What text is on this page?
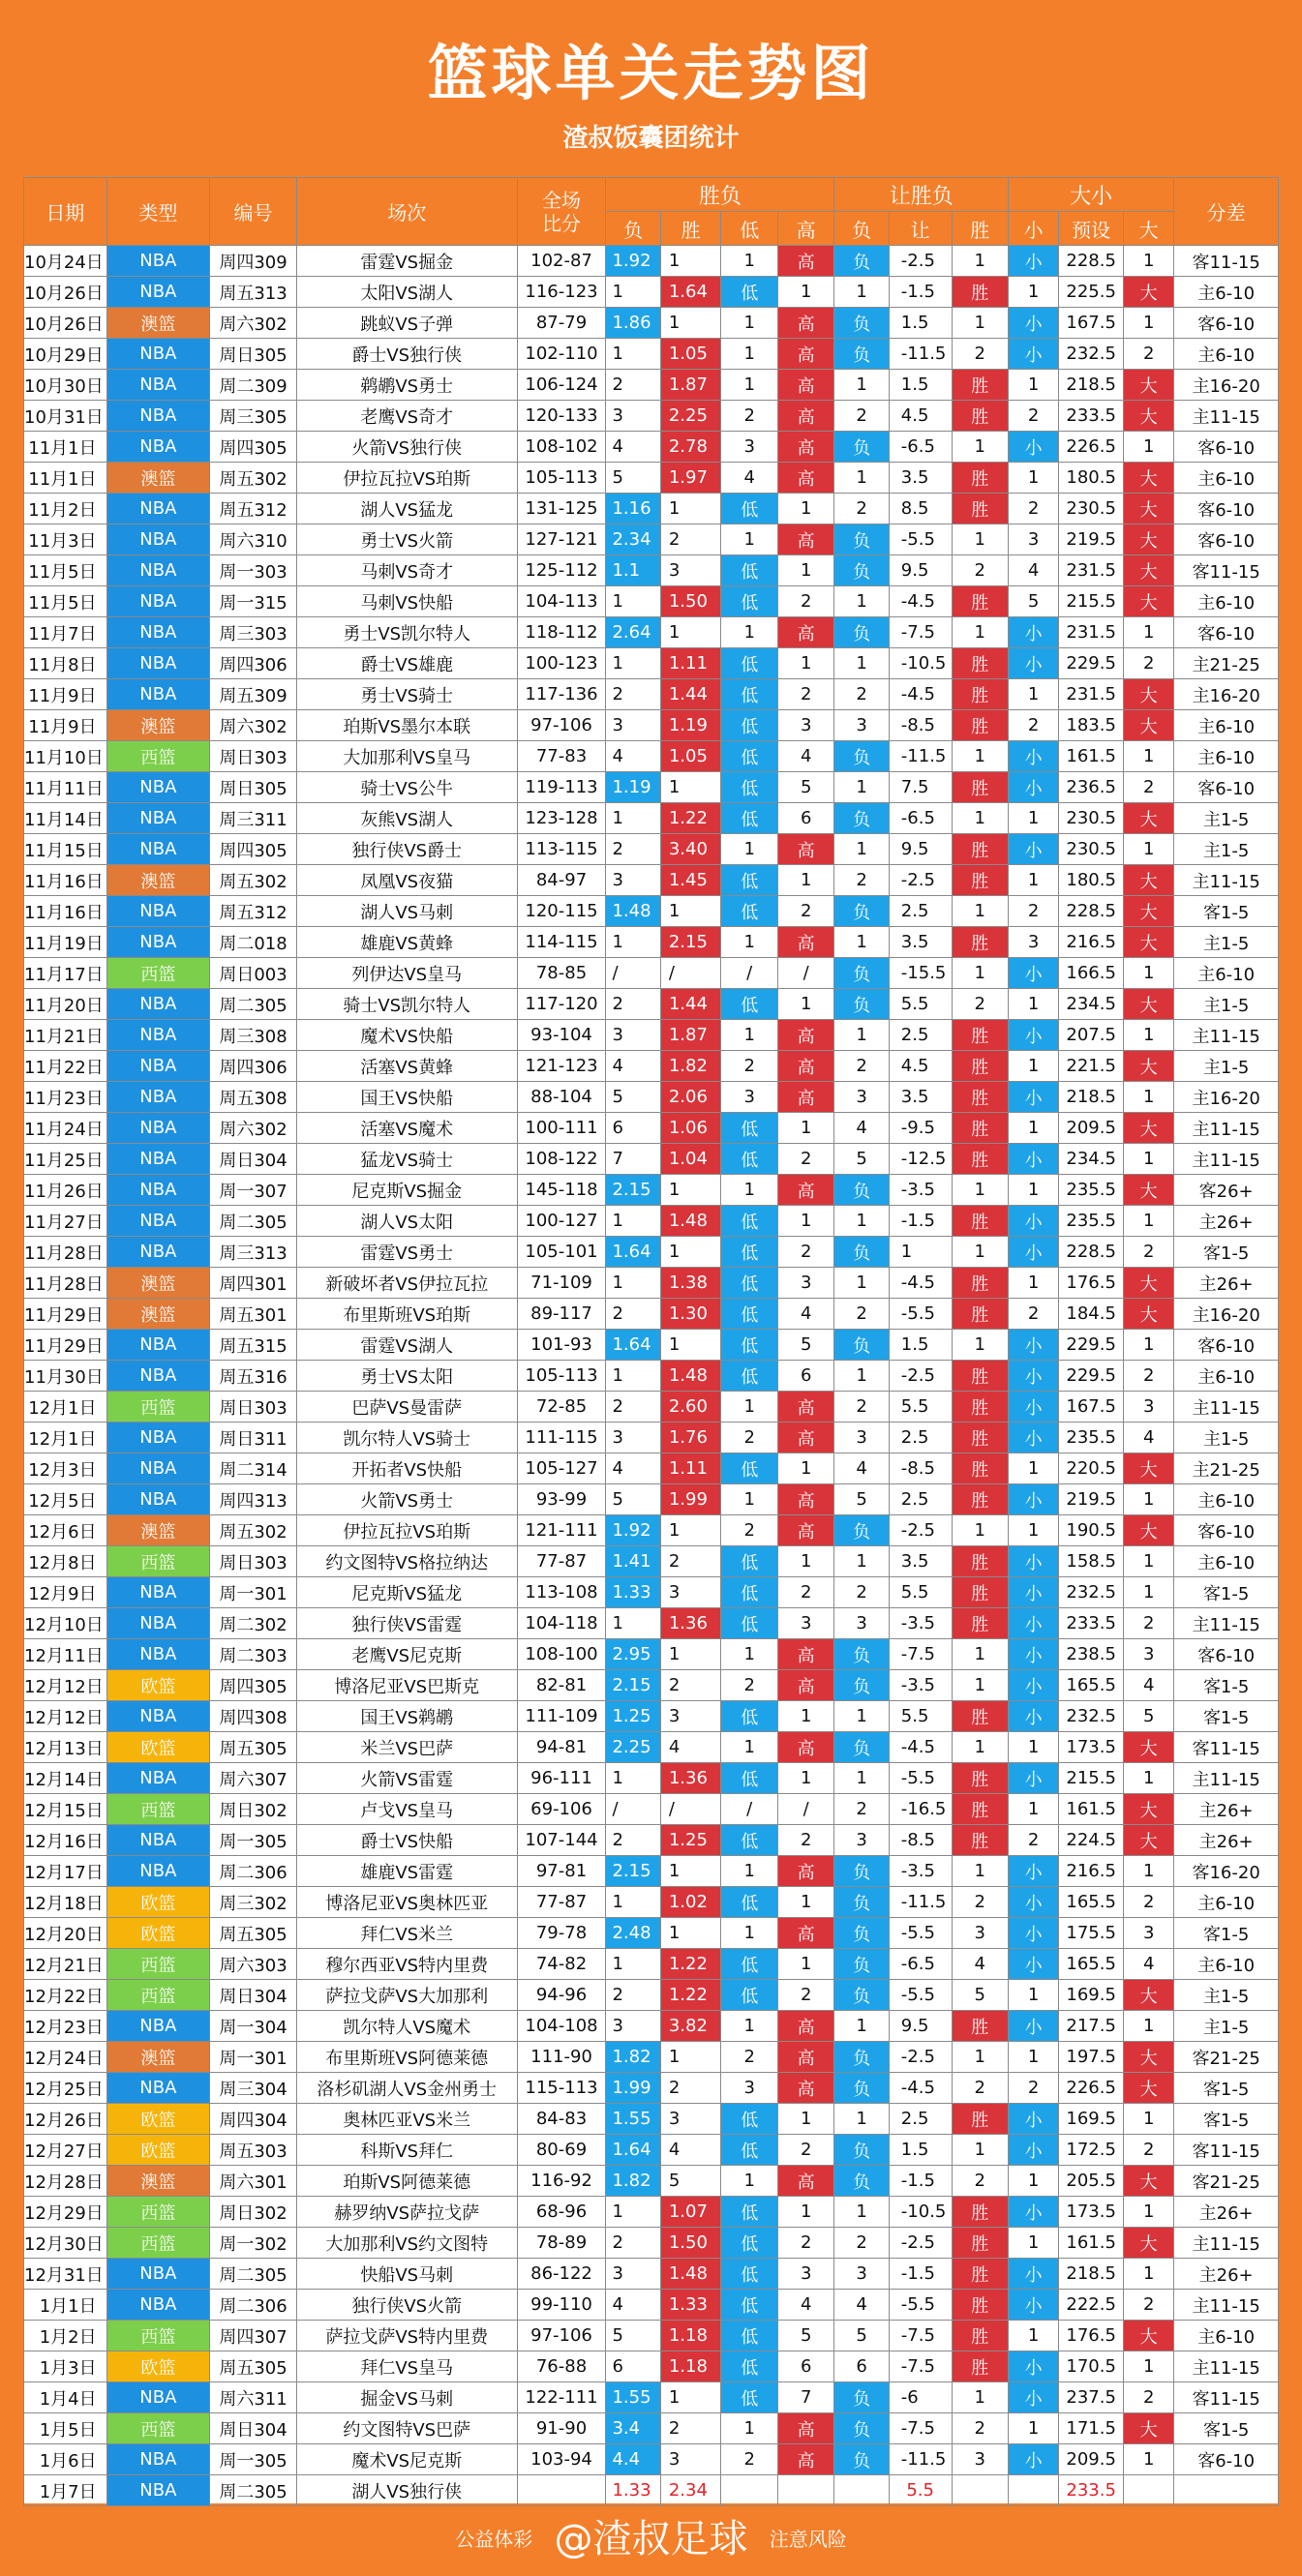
篮球单关走势图
渣叔饭囊团统计
日期	类型	编号	场次	全场
比分	胜负				让胜负			大小			分差
					负	胜	低	高	负	让	胜	小	预设	大	
10月24日	NBA	周四309	雷霆VS掘金	102-87	1.92	1	1	高	负	-2.5	1	小	228.5	1	客11-15
10月26日	NBA	周五313	太阳VS湖人	116-123	1	1.64	低	1	1	-1.5	胜	1	225.5	大	主6-10
10月26日	澳篮	周六302	跳蚁VS子弹	87-79	1.86	1	1	高	负	1.5	1	小	167.5	1	客6-10
10月29日	NBA	周日305	爵士VS独行侠	102-110	1	1.05	1	高	负	-11.5	2	小	232.5	2	主6-10
10月30日	NBA	周二309	鹈鹕VS勇士	106-124	2	1.87	1	高	1	1.5	胜	1	218.5	大	主16-20
10月31日	NBA	周三305	老鹰VS奇才	120-133	3	2.25	2	高	2	4.5	胜	2	233.5	大	主11-15
11月1日	NBA	周四305	火箭VS独行侠	108-102	4	2.78	3	高	负	-6.5	1	小	226.5	1	客6-10
11月1日	澳篮	周五302	伊拉瓦拉VS珀斯	105-113	5	1.97	4	高	1	3.5	胜	1	180.5	大	主6-10
11月2日	NBA	周五312	湖人VS猛龙	131-125	1.16	1	低	1	2	8.5	胜	2	230.5	大	客6-10
11月3日	NBA	周六310	勇士VS火箭	127-121	2.34	2	1	高	负	-5.5	1	3	219.5	大	客6-10
11月5日	NBA	周一303	马刺VS奇才	125-112	1.1	3	低	1	负	9.5	2	4	231.5	大	客11-15
11月5日	NBA	周一315	马刺VS快船	104-113	1	1.50	低	2	1	-4.5	胜	5	215.5	大	主6-10
11月7日	NBA	周三303	勇士VS凯尔特人	118-112	2.64	1	1	高	负	-7.5	1	小	231.5	1	客6-10
11月8日	NBA	周四306	爵士VS雄鹿	100-123	1	1.11	低	1	1	-10.5	胜	小	229.5	2	主21-25
11月9日	NBA	周五309	勇士VS骑士	117-136	2	1.44	低	2	2	-4.5	胜	1	231.5	大	主16-20
11月9日	澳篮	周六302	珀斯VS墨尔本联	97-106	3	1.19	低	3	3	-8.5	胜	2	183.5	大	主6-10
11月10日	西篮	周日303	大加那利VS皇马	77-83	4	1.05	低	4	负	-11.5	1	小	161.5	1	主6-10
11月11日	NBA	周日305	骑士VS公牛	119-113	1.19	1	低	5	1	7.5	胜	小	236.5	2	客6-10
11月14日	NBA	周三311	灰熊VS湖人	123-128	1	1.22	低	6	负	-6.5	1	1	230.5	大	主1-5
11月15日	NBA	周四305	独行侠VS爵士	113-115	2	3.40	1	高	1	9.5	胜	小	230.5	1	主1-5
11月16日	澳篮	周五302	凤凰VS夜猫	84-97	3	1.45	低	1	2	-2.5	胜	1	180.5	大	主11-15
11月16日	NBA	周五312	湖人VS马刺	120-115	1.48	1	低	2	负	2.5	1	2	228.5	大	客1-5
11月19日	NBA	周二018	雄鹿VS黄蜂	114-115	1	2.15	1	高	1	3.5	胜	3	216.5	大	主1-5
11月17日	西篮	周日003	列伊达VS皇马	78-85	/	/	/	/	负	-15.5	1	小	166.5	1	主6-10
11月20日	NBA	周二305	骑士VS凯尔特人	117-120	2	1.44	低	1	负	5.5	2	1	234.5	大	主1-5
11月21日	NBA	周三308	魔术VS快船	93-104	3	1.87	1	高	1	2.5	胜	小	207.5	1	主11-15
11月22日	NBA	周四306	活塞VS黄蜂	121-123	4	1.82	2	高	2	4.5	胜	1	221.5	大	主1-5
11月23日	NBA	周五308	国王VS快船	88-104	5	2.06	3	高	3	3.5	胜	小	218.5	1	主16-20
11月24日	NBA	周六302	活塞VS魔术	100-111	6	1.06	低	1	4	-9.5	胜	1	209.5	大	主11-15
11月25日	NBA	周日304	猛龙VS骑士	108-122	7	1.04	低	2	5	-12.5	胜	小	234.5	1	主11-15
11月26日	NBA	周一307	尼克斯VS掘金	145-118	2.15	1	1	高	负	-3.5	1	1	235.5	大	客26+
11月27日	NBA	周二305	湖人VS太阳	100-127	1	1.48	低	1	1	-1.5	胜	小	235.5	1	主26+
11月28日	NBA	周三313	雷霆VS勇士	105-101	1.64	1	低	2	负	1	1	小	228.5	2	客1-5
11月28日	澳篮	周四301	新破坏者VS伊拉瓦拉	71-109	1	1.38	低	3	1	-4.5	胜	1	176.5	大	主26+
11月29日	澳篮	周五301	布里斯班VS珀斯	89-117	2	1.30	低	4	2	-5.5	胜	2	184.5	大	主16-20
11月29日	NBA	周五315	雷霆VS湖人	101-93	1.64	1	低	5	负	1.5	1	小	229.5	1	客6-10
11月30日	NBA	周五316	勇士VS太阳	105-113	1	1.48	低	6	1	-2.5	胜	小	229.5	2	主6-10
12月1日	西篮	周日303	巴萨VS曼雷萨	72-85	2	2.60	1	高	2	5.5	胜	小	167.5	3	主11-15
12月1日	NBA	周日311	凯尔特人VS骑士	111-115	3	1.76	2	高	3	2.5	胜	小	235.5	4	主1-5
12月3日	NBA	周二314	开拓者VS快船	105-127	4	1.11	低	1	4	-8.5	胜	1	220.5	大	主21-25
12月5日	NBA	周四313	火箭VS勇士	93-99	5	1.99	1	高	5	2.5	胜	小	219.5	1	主6-10
12月6日	澳篮	周五302	伊拉瓦拉VS珀斯	121-111	1.92	1	2	高	负	-2.5	1	1	190.5	大	客6-10
12月8日	西篮	周日303	约文图特VS格拉纳达	77-87	1.41	2	低	1	1	3.5	胜	小	158.5	1	主6-10
12月9日	NBA	周一301	尼克斯VS猛龙	113-108	1.33	3	低	2	2	5.5	胜	小	232.5	1	客1-5
12月10日	NBA	周二302	独行侠VS雷霆	104-118	1	1.36	低	3	3	-3.5	胜	小	233.5	2	主11-15
12月11日	NBA	周二303	老鹰VS尼克斯	108-100	2.95	1	1	高	负	-7.5	1	小	238.5	3	客6-10
12月12日	欧篮	周四305	博洛尼亚VS巴斯克	82-81	2.15	2	2	高	负	-3.5	1	小	165.5	4	客1-5
12月12日	NBA	周四308	国王VS鹈鹕	111-109	1.25	3	低	1	1	5.5	胜	小	232.5	5	客1-5
12月13日	欧篮	周五305	米兰VS巴萨	94-81	2.25	4	1	高	负	-4.5	1	1	173.5	大	客11-15
12月14日	NBA	周六307	火箭VS雷霆	96-111	1	1.36	低	1	1	-5.5	胜	小	215.5	1	主11-15
12月15日	西篮	周日302	卢戈VS皇马	69-106	/	/	/	/	2	-16.5	胜	1	161.5	大	主26+
12月16日	NBA	周一305	爵士VS快船	107-144	2	1.25	低	2	3	-8.5	胜	2	224.5	大	主26+
12月17日	NBA	周二306	雄鹿VS雷霆	97-81	2.15	1	1	高	负	-3.5	1	小	216.5	1	客16-20
12月18日	欧篮	周三302	博洛尼亚VS奥林匹亚	77-87	1	1.02	低	1	负	-11.5	2	小	165.5	2	主6-10
12月20日	欧篮	周五305	拜仁VS米兰	79-78	2.48	1	1	高	负	-5.5	3	小	175.5	3	客1-5
12月21日	西篮	周六303	穆尔西亚VS特内里费	74-82	1	1.22	低	1	负	-6.5	4	小	165.5	4	主6-10
12月22日	西篮	周日304	萨拉戈萨VS大加那利	94-96	2	1.22	低	2	负	-5.5	5	1	169.5	大	主1-5
12月23日	NBA	周一304	凯尔特人VS魔术	104-108	3	3.82	1	高	1	9.5	胜	小	217.5	1	主1-5
12月24日	澳篮	周一301	布里斯班VS阿德莱德	111-90	1.82	1	2	高	负	-2.5	1	1	197.5	大	客21-25
12月25日	NBA	周三304	洛杉矶湖人VS金州勇士	115-113	1.99	2	3	高	负	-4.5	2	2	226.5	大	客1-5
12月26日	欧篮	周四304	奥林匹亚VS米兰	84-83	1.55	3	低	1	1	2.5	胜	小	169.5	1	客1-5
12月27日	欧篮	周五303	科斯VS拜仁	80-69	1.64	4	低	2	负	1.5	1	小	172.5	2	客11-15
12月28日	澳篮	周六301	珀斯VS阿德莱德	116-92	1.82	5	1	高	负	-1.5	2	1	205.5	大	客21-25
12月29日	西篮	周日302	赫罗纳VS萨拉戈萨	68-96	1	1.07	低	1	1	-10.5	胜	小	173.5	1	主26+
12月30日	西篮	周一302	大加那利VS约文图特	78-89	2	1.50	低	2	2	-2.5	胜	1	161.5	大	主11-15
12月31日	NBA	周二305	快船VS马刺	86-122	3	1.48	低	3	3	-1.5	胜	小	218.5	1	主26+
1月1日	NBA	周二306	独行侠VS火箭	99-110	4	1.33	低	4	4	-5.5	胜	小	222.5	2	主11-15
1月2日	西篮	周四307	萨拉戈萨VS特内里费	97-106	5	1.18	低	5	5	-7.5	胜	1	176.5	大	主6-10
1月3日	欧篮	周五305	拜仁VS皇马	76-88	6	1.18	低	6	6	-7.5	胜	小	170.5	1	主11-15
1月4日	NBA	周六311	掘金VS马刺	122-111	1.55	1	低	7	负	-6	1	小	237.5	2	客11-15
1月5日	西篮	周日304	约文图特VS巴萨	91-90	3.4	2	1	高	负	-7.5	2	1	171.5	大	客1-5
1月6日	NBA	周一305	魔术VS尼克斯	103-94	4.4	3	2	高	负	-11.5	3	小	209.5	1	客6-10
1月7日	NBA	周二305	湖人VS独行侠		1.33	2.34				5.5			233.5		
公益体彩 @渣叔足球 注意风险
